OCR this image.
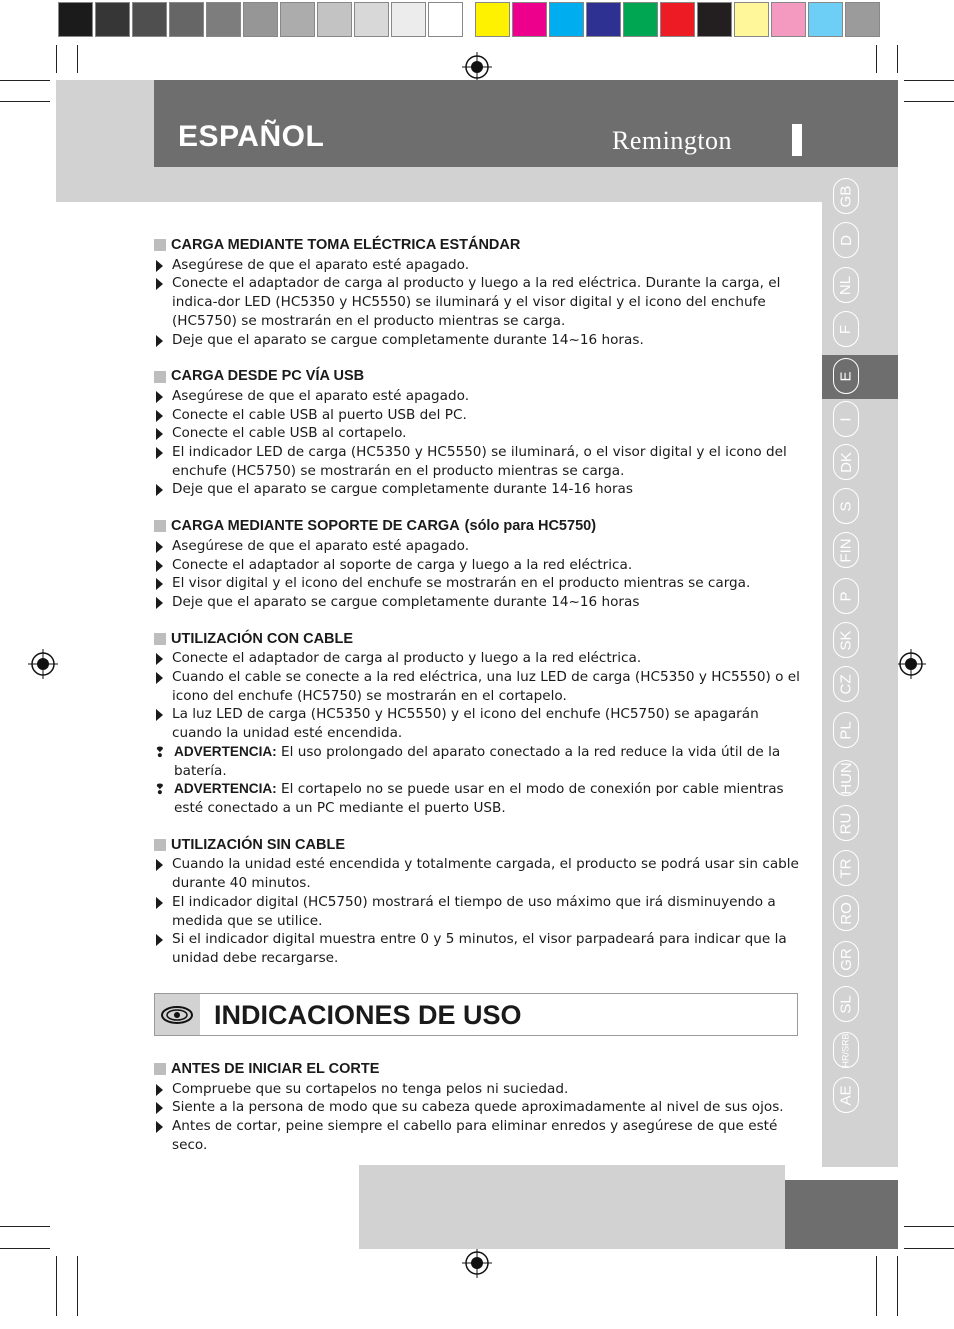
ESPAÑOL	Remington
GB
D
NL
F
E
I
DK
S
FIN
P
SK
CZ
PL
HUN
RU
TR
RO
GR
SL
HR/SRB
AE
CARGA MEDIANTE TOMA ELÉCTRICA ESTÁNDAR
Asegúrese de que el aparato esté apagado.
Conecte el adaptador de carga al producto y luego a la red eléctrica. Durante la carga, el indica-dor LED (HC5350 y HC5550) se iluminará y el visor digital y el icono del enchufe (HC5750) se mostrarán en el producto mientras se carga.
Deje que el aparato se cargue completamente durante 14~16 horas.
CARGA DESDE PC VÍA USB
Asegúrese de que el aparato esté apagado.
Conecte el cable USB al puerto USB del PC.
Conecte el cable USB al cortapelo.
El indicador LED de carga (HC5350 y HC5550) se iluminará, o el visor digital y el icono del enchufe (HC5750) se mostrarán en el producto mientras se carga.
Deje que el aparato se cargue completamente durante 14-16 horas
CARGA MEDIANTE SOPORTE DE CARGA (sólo para HC5750)
Asegúrese de que el aparato esté apagado.
Conecte el adaptador al soporte de carga y luego a la red eléctrica.
El visor digital y el icono del enchufe se mostrarán en el producto mientras se carga.
Deje que el aparato se cargue completamente durante 14~16 horas
UTILIZACIÓN CON CABLE
Conecte el adaptador de carga al producto y luego a la red eléctrica.
Cuando el cable se conecte a la red eléctrica, una luz LED de carga (HC5350 y HC5550) o el icono del enchufe (HC5750) se mostrarán en el cortapelo.
La luz LED de carga (HC5350 y HC5550) y el icono del enchufe (HC5750) se apagarán cuando la unidad esté encendida.
❢ ADVERTENCIA: El uso prolongado del aparato conectado a la red reduce la vida útil de la batería.
❢ ADVERTENCIA: El cortapelo no se puede usar en el modo de conexión por cable mientras esté conectado a un PC mediante el puerto USB.
UTILIZACIÓN SIN CABLE
Cuando la unidad esté encendida y totalmente cargada, el producto se podrá usar sin cable durante 40 minutos.
El indicador digital (HC5750) mostrará el tiempo de uso máximo que irá disminuyendo a medida que se utilice.
Si el indicador digital muestra entre 0 y 5 minutos, el visor parpadeará para indicar que la unidad debe recargarse.
INDICACIONES DE USO
ANTES DE INICIAR EL CORTE
Compruebe que su cortapelos no tenga pelos ni suciedad.
Siente a la persona de modo que su cabeza quede aproximadamente al nivel de sus ojos.
Antes de cortar, peine siempre el cabello para eliminar enredos y asegúrese de que esté seco.
